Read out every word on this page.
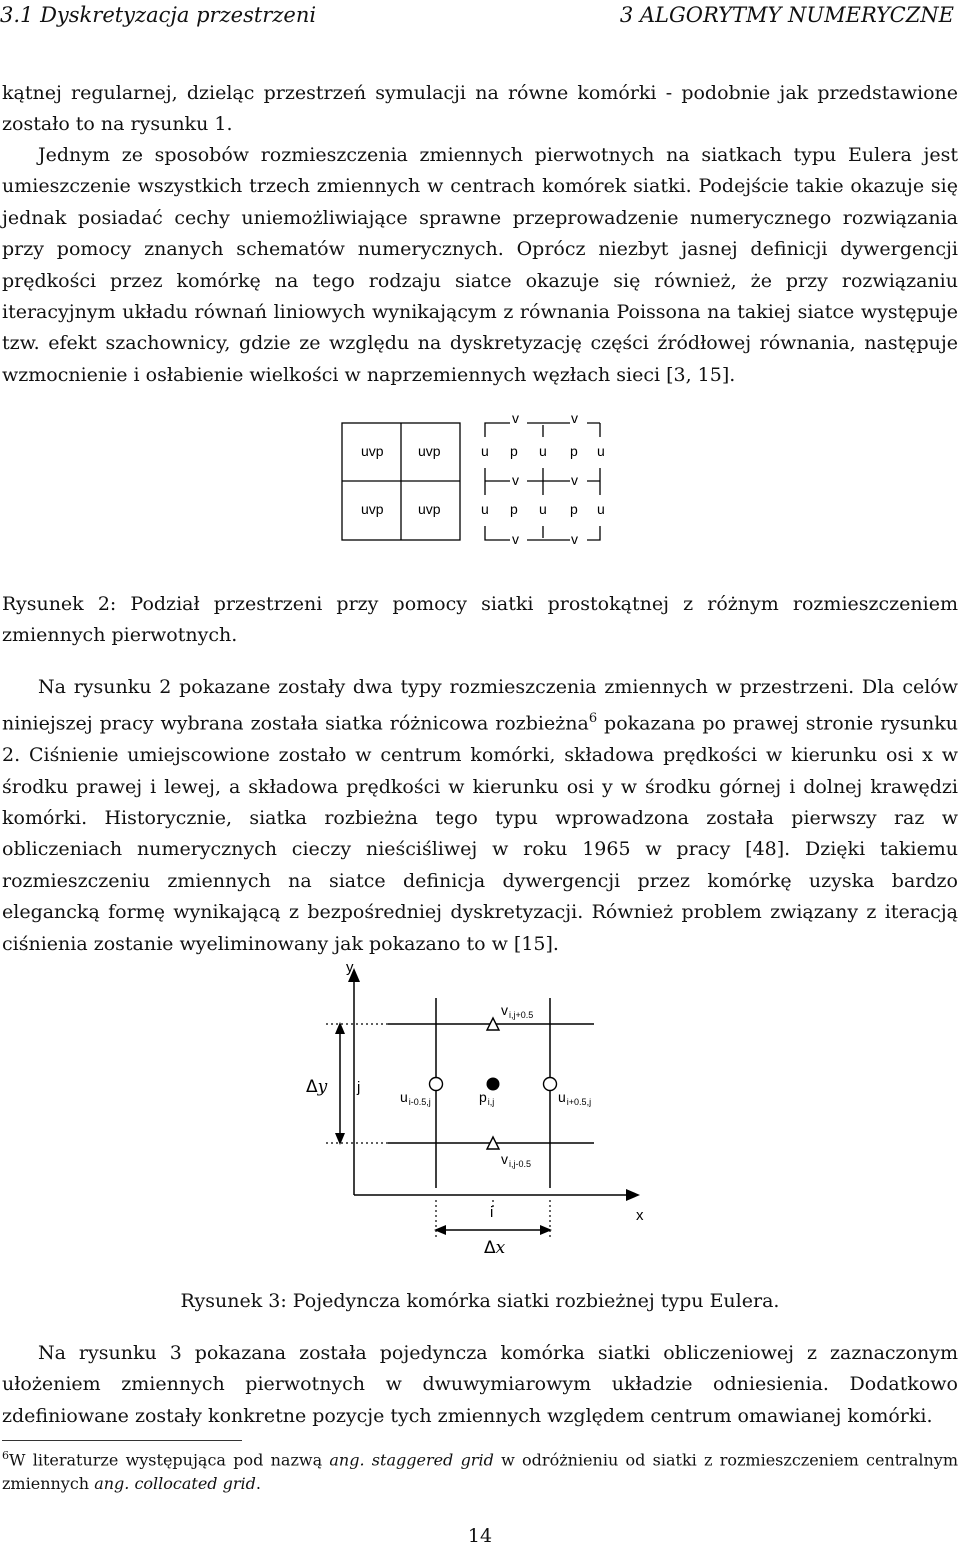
3.1 Dyskretyzacja przestrzeni	3 ALGORYTMY NUMERYCZNE

kątnej regularnej, dzieląc przestrzeń symulacji na równe komórki - podobnie jak przedstawione zostało to na rysunku 1.

Jednym ze sposobów rozmieszczenia zmiennych pierwotnych na siatkach typu Eulera jest umieszczenie wszystkich trzech zmiennych w centrach komórek siatki. Podejście takie okazuje się jednak posiadać cechy uniemożliwiające sprawne przeprowadzenie numerycznego rozwiązania przy pomocy znanych schematów numerycznych. Oprócz niezbyt jasnej definicji dywergencji prędkości przez komórkę na tego rodzaju siatce okazuje się również, że przy rozwiązaniu iteracyjnym układu równań liniowych wynikającym z równania Poissona na takiej siatce występuje tzw. efekt szachownicy, gdzie ze względu na dyskretyzację części źródłowej równania, następuje wzmocnienie i osłabienie wielkości w naprzemiennych węzłach sieci [3, 15].

uvp uvp
uvp uvp
v	v
u p u p u
v	v
u p u p u
v	v

Rysunek 2: Podział przestrzeni przy pomocy siatki prostokątnej z różnym rozmieszczeniem zmiennych pierwotnych.

Na rysunku 2 pokazane zostały dwa typy rozmieszczenia zmiennych w przestrzeni. Dla celów niniejszej pracy wybrana została siatka różnicowa rozbieżna$^6$ pokazana po prawej stronie rysunku 2. Ciśnienie umiejscowione zostało w centrum komórki, składowa prędkości w kierunku osi x w środku prawej i lewej, a składowa prędkości w kierunku osi y w środku górnej i dolnej krawędzi komórki. Historycznie, siatka rozbieżna tego typu wprowadzona została pierwszy raz w obliczeniach numerycznych cieczy nieściśliwej w roku 1965 w pracy [48]. Dzięki takiemu rozmieszczeniu zmiennych na siatce definicja dywergencji przez komórkę uzyska bardzo elegancką formę wynikającą z bezpośredniej dyskretyzacji. Również problem związany z iteracją ciśnienia zostanie wyeliminowany jak pokazano to w [15].

y
x
j
i
Δy
Δx
$v_{i,j+0.5}$
$v_{i,j-0.5}$
$u_{i-0.5,j}$	$p_{i,j}$	$u_{i+0.5,j}$

Rysunek 3: Pojedyncza komórka siatki rozbieżnej typu Eulera.

Na rysunku 3 pokazana została pojedyncza komórka siatki obliczeniowej z zaznaczonym ułożeniem zmiennych pierwotnych w dwuwymiarowym układzie odniesienia. Dodatkowo zdefiniowane zostały konkretne pozycje tych zmiennych względem centrum omawianej komórki.

$^6$W literaturze występująca pod nazwą ang. staggered grid w odróżnieniu od siatki z rozmieszczeniem centralnym zmiennych ang. collocated grid.

14
